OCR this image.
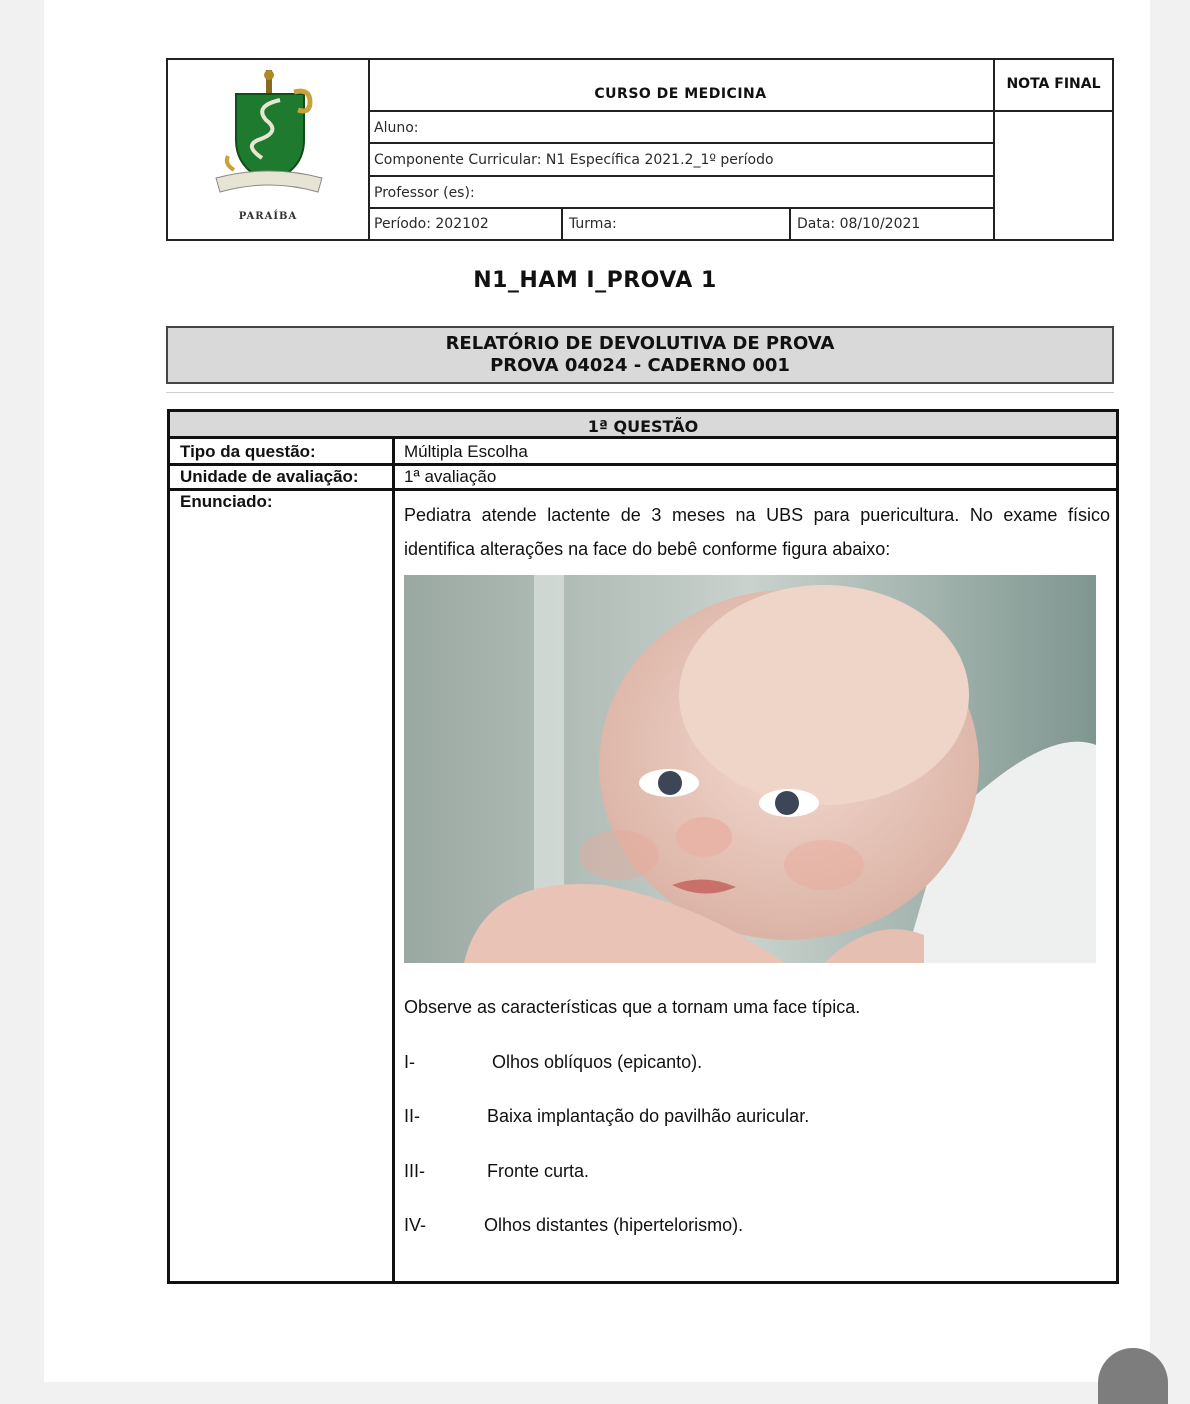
PARAÍBA
CURSO DE MEDICINA
NOTA FINAL
Aluno:
Componente Curricular: N1 Específica 2021.2_1º período
Professor (es):
Período: 202102	Turma:	Data: 08/10/2021
N1_HAM I_PROVA 1
RELATÓRIO DE DEVOLUTIVA DE PROVA
PROVA 04024 - CADERNO 001
1ª QUESTÃO
Tipo da questão:	Múltipla Escolha
Unidade de avaliação:	1ª avaliação
Enunciado:
Pediatra atende lactente de 3 meses na UBS para puericultura. No exame físico identifica alterações na face do bebê conforme figura abaixo:
Observe as características que a tornam uma face típica.
I-	Olhos oblíquos (epicanto).
II-	Baixa implantação do pavilhão auricular.
III-	Fronte curta.
IV-	Olhos distantes (hipertelorismo).
